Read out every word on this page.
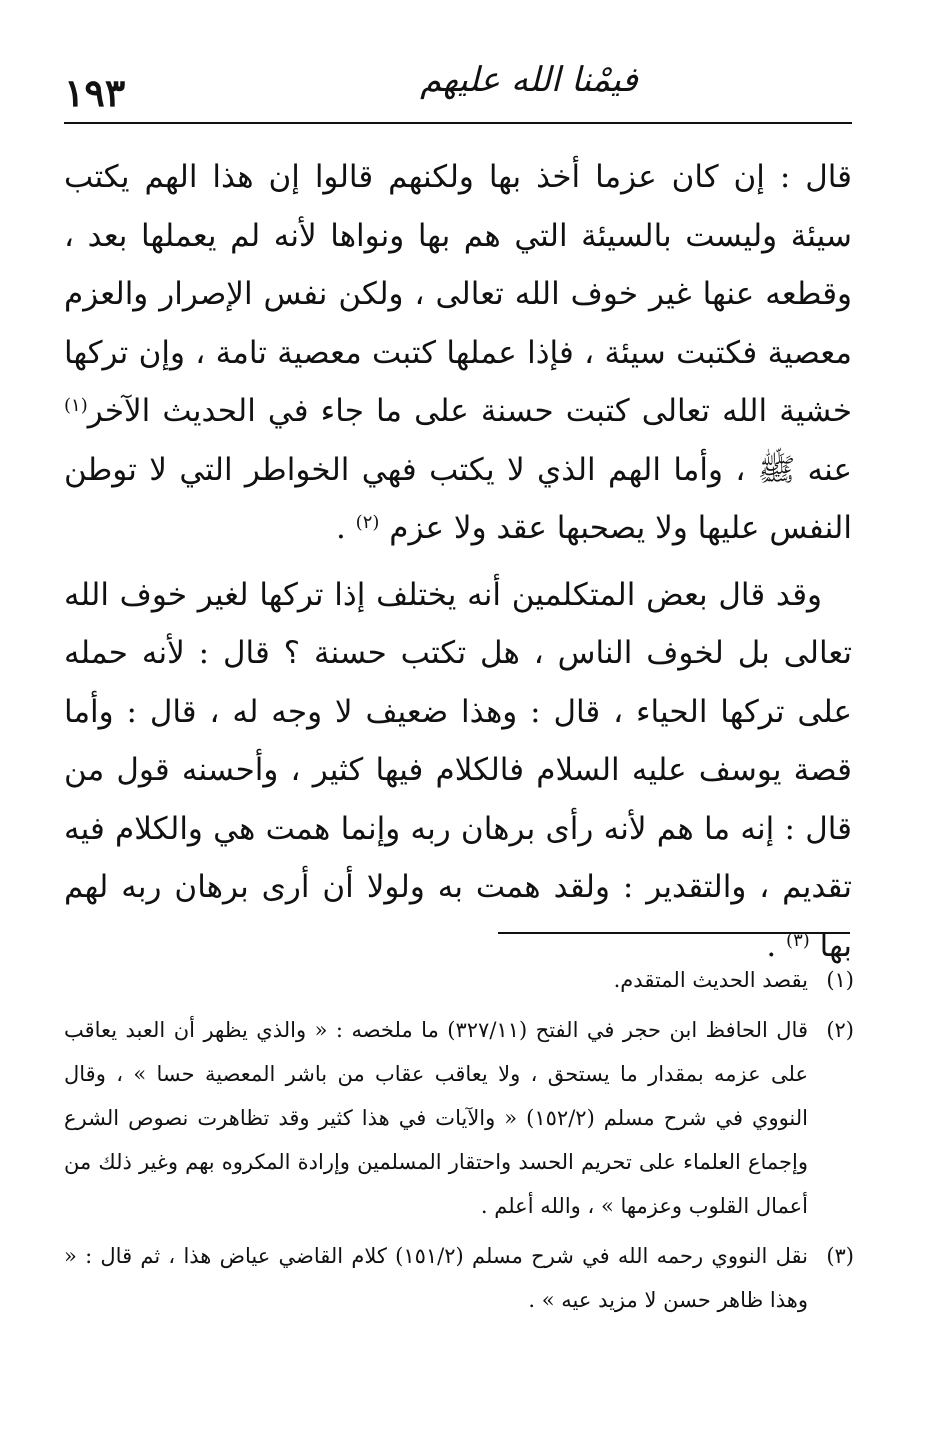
١٩٣	فيمْنا الله عليهم

قال : إن كان عزما أخذ بها ولكنهم قالوا إن هذا الهم يكتب سيئة وليست بالسيئة التي هم بها ونواها لأنه لم يعملها بعد ، وقطعه عنها غير خوف الله تعالى ، ولكن نفس الإصرار والعزم معصية فكتبت سيئة ، فإذا عملها كتبت معصية تامة ، وإن تركها خشية الله تعالى كتبت حسنة على ما جاء في الحديث الآخر$^{(١)}$ عنه ﷺ ، وأما الهم الذي لا يكتب فهي الخواطر التي لا توطن النفس عليها ولا يصحبها عقد ولا عزم $^{(٢)}$ .

وقد قال بعض المتكلمين أنه يختلف إذا تركها لغير خوف الله تعالى بل لخوف الناس ، هل تكتب حسنة ؟ قال : لأنه حمله على تركها الحياء ، قال : وهذا ضعيف لا وجه له ، قال : وأما قصة يوسف عليه السلام فالكلام فيها كثير ، وأحسنه قول من قال : إنه ما هم لأنه رأى برهان ربه وإنما همت هي والكلام فيه تقديم ، والتقدير : ولقد همت به ولولا أن أرى برهان ربه لهم بها $^{(٣)}$ .

(١)
يقصد الحديث المتقدم.
(٢)
قال الحافظ ابن حجر في الفتح (٣٢٧/١١) ما ملخصه : « والذي يظهر أن العبد يعاقب على عزمه بمقدار ما يستحق ، ولا يعاقب عقاب من باشر المعصية حسا » ، وقال النووي في شرح مسلم (١٥٢/٢) « والآيات في هذا كثير وقد تظاهرت نصوص الشرع وإجماع العلماء على تحريم الحسد واحتقار المسلمين وإرادة المكروه بهم وغير ذلك من أعمال القلوب وعزمها » ، والله أعلم .
(٣)
نقل النووي رحمه الله في شرح مسلم (١٥١/٢) كلام القاضي عياض هذا ، ثم قال : « وهذا ظاهر حسن لا مزيد عيه » .
